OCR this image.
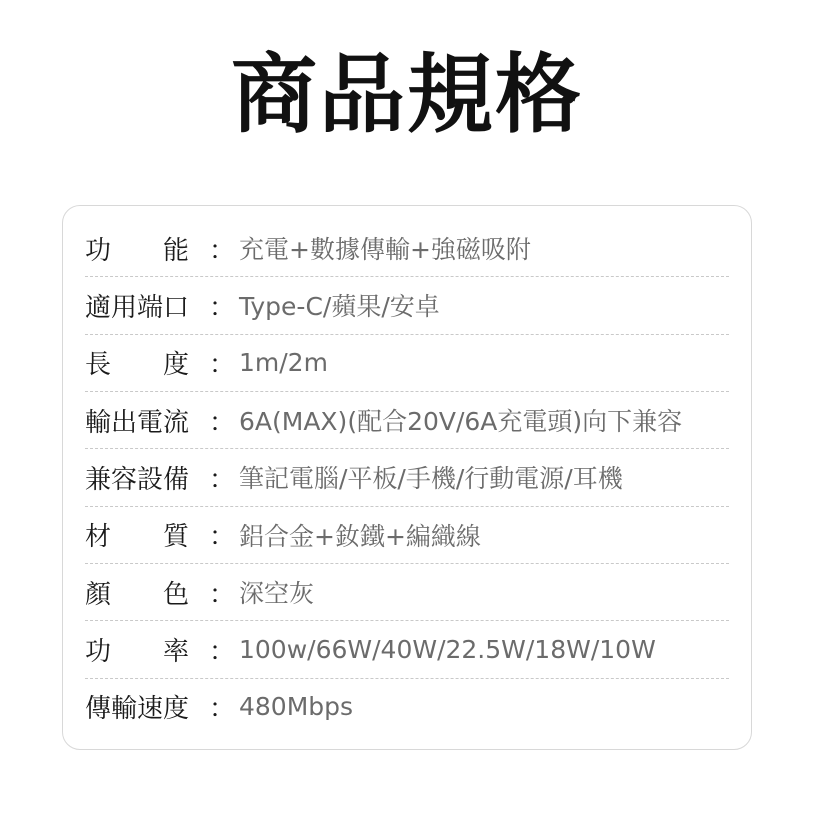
商品規格
功　　能 ： 充電+數據傳輸+強磁吸附
適用端口 ： Type-C/蘋果/安卓
長　　度 ： 1m/2m
輸出電流 ： 6A(MAX)(配合20V/6A充電頭)向下兼容
兼容設備 ： 筆記電腦/平板/手機/行動電源/耳機
材　　質 ： 鋁合金+釹鐵+編織線
顏　　色 ： 深空灰
功　　率 ： 100w/66W/40W/22.5W/18W/10W
傳輸速度 ： 480Mbps
